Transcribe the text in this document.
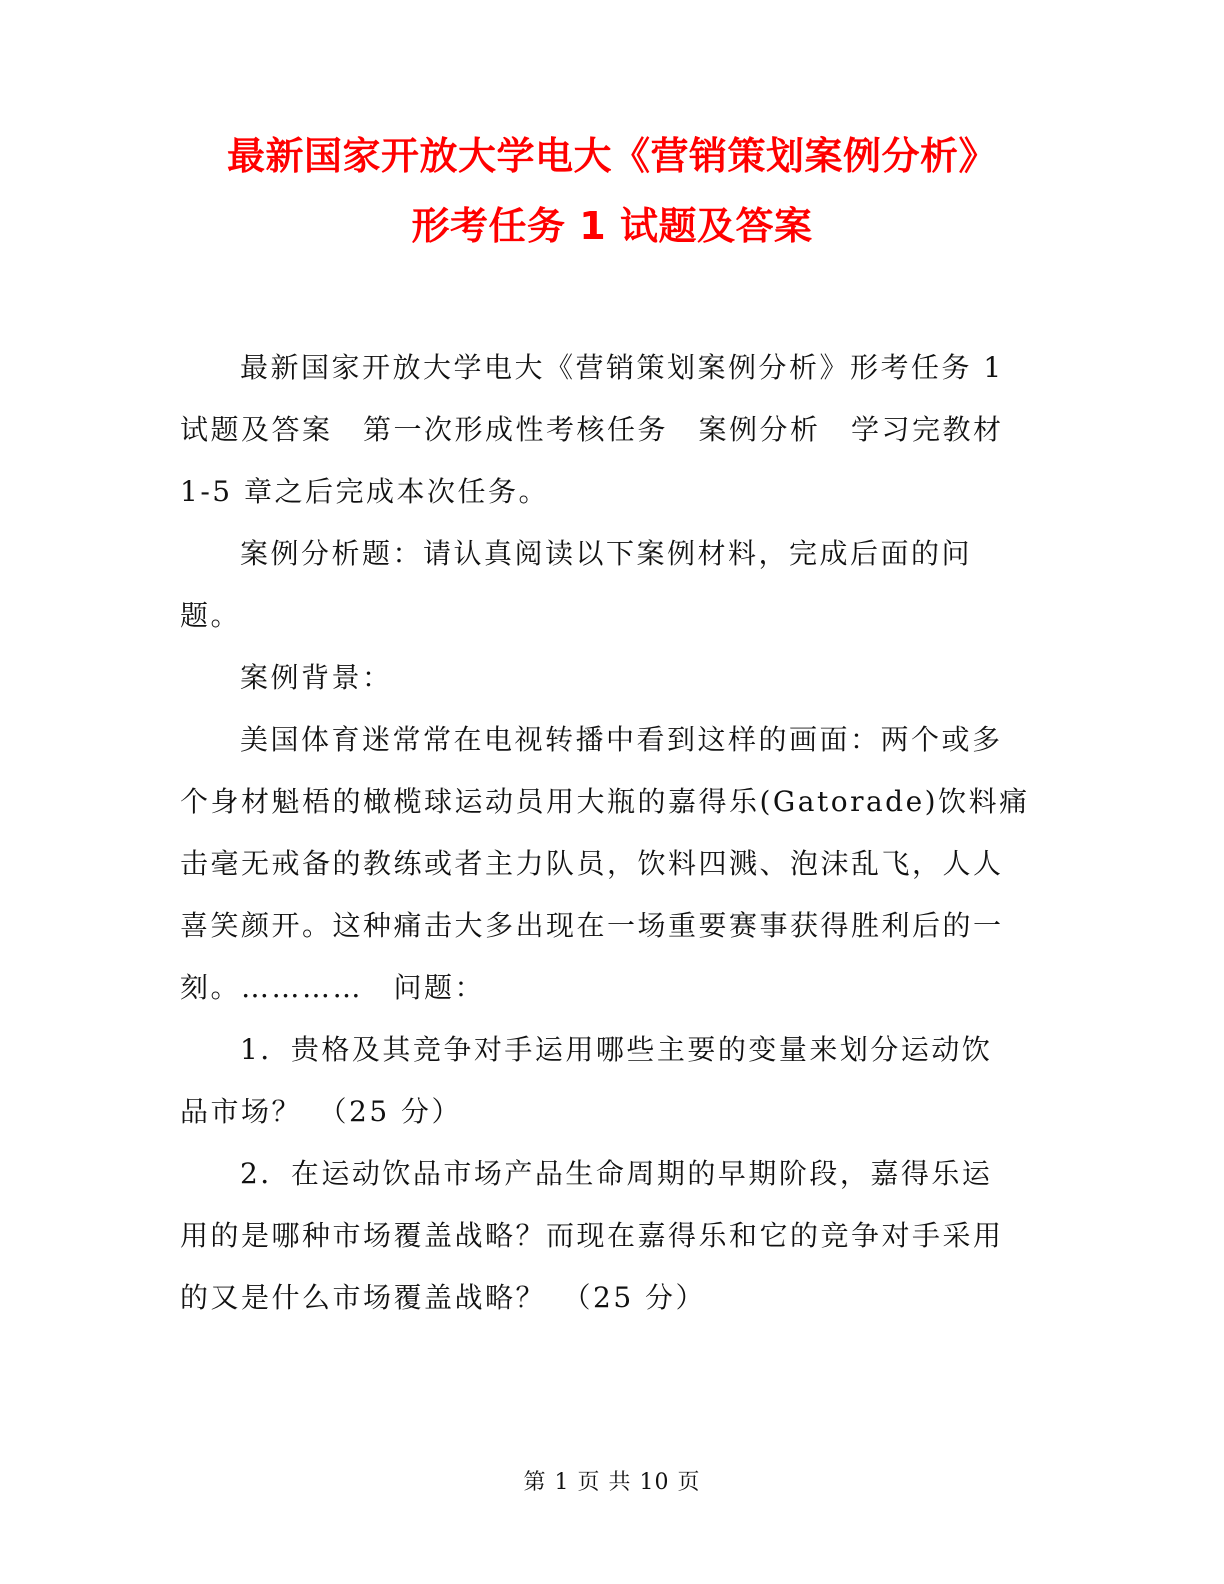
最新国家开放大学电大《营销策划案例分析》
形考任务 1 试题及答案
最新国家开放大学电大《营销策划案例分析》形考任务 1
试题及答案　第一次形成性考核任务　案例分析　学习完教材
1-5 章之后完成本次任务。
案例分析题：请认真阅读以下案例材料，完成后面的问
题。
案例背景：
美国体育迷常常在电视转播中看到这样的画面：两个或多
个身材魁梧的橄榄球运动员用大瓶的嘉得乐(Gatorade)饮料痛
击毫无戒备的教练或者主力队员，饮料四溅、泡沫乱飞，人人
喜笑颜开。这种痛击大多出现在一场重要赛事获得胜利后的一
刻。…………　问题：
1．贵格及其竞争对手运用哪些主要的变量来划分运动饮
品市场？　（25 分）
2．在运动饮品市场产品生命周期的早期阶段，嘉得乐运
用的是哪种市场覆盖战略？而现在嘉得乐和它的竞争对手采用
的又是什么市场覆盖战略？　（25 分）
第 1 页 共 10 页
